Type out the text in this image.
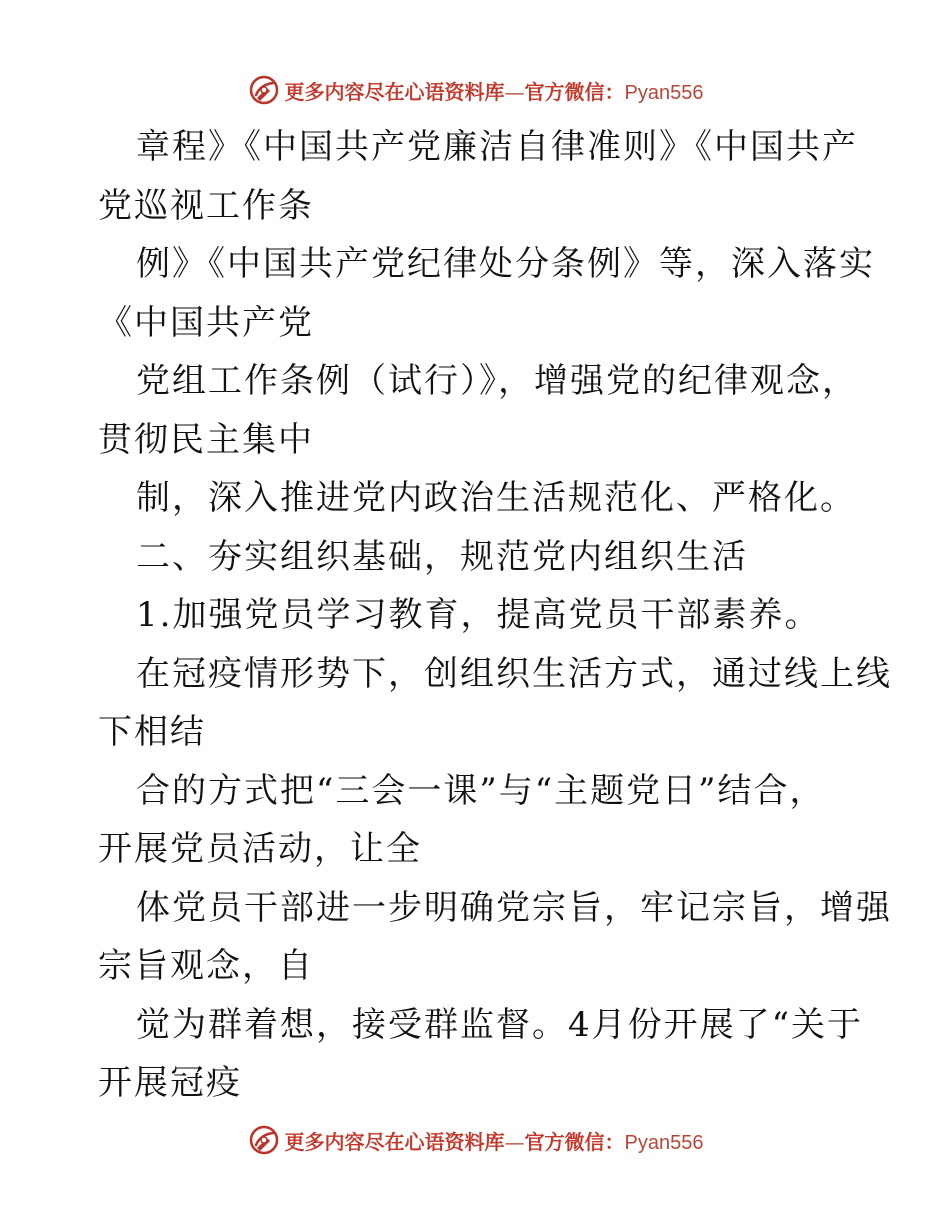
更多内容尽在心语资料库—官方微信：Pyan556
章程》《中国共产党廉洁自律准则》《中国共产
党巡视工作条
例》《中国共产党纪律处分条例》等，深入落实
《中国共产党
党组工作条例（试行）》，增强党的纪律观念，
贯彻民主集中
制，深入推进党内政治生活规范化、严格化。
二、夯实组织基础，规范党内组织生活
1.加强党员学习教育，提高党员干部素养。
在冠疫情形势下，创组织生活方式，通过线上线
下相结
合的方式把“三会一课”与“主题党日”结合，
开展党员活动，让全
体党员干部进一步明确党宗旨，牢记宗旨，增强
宗旨观念，自
觉为群着想，接受群监督。4月份开展了“关于
开展冠疫
更多内容尽在心语资料库—官方微信：Pyan556
